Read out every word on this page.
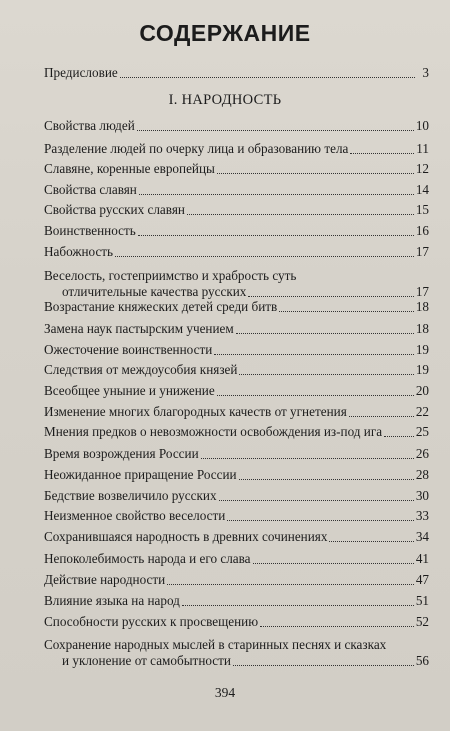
СОДЕРЖАНИЕ
Предисловие	3
I. НАРОДНОСТЬ
Свойства людей	10
Разделение людей по очерку лица и образованию тела	11
Славяне, коренные европейцы	12
Свойства славян	14
Свойства русских славян	15
Воинственность	16
Набожность	17
Веселость, гостеприимство и храбрость суть
отличительные качества русских	17
Возрастание княжеских детей среди битв	18
Замена наук пастырским учением	18
Ожесточение воинственности	19
Следствия от междоусобия князей	19
Всеобщее уныние и унижение	20
Изменение многих благородных качеств от угнетения	22
Мнения предков о невозможности освобождения из-под ига	25
Время возрождения России	26
Неожиданное приращение России	28
Бедствие возвеличило русских	30
Неизменное свойство веселости	33
Сохранившаяся народность в древних сочинениях	34
Непоколебимость народа и его слава	41
Действие народности	47
Влияние языка на народ	51
Способности русских к просвещению	52
Сохранение народных мыслей в старинных песнях и сказках
и уклонение от самобытности	56
394
